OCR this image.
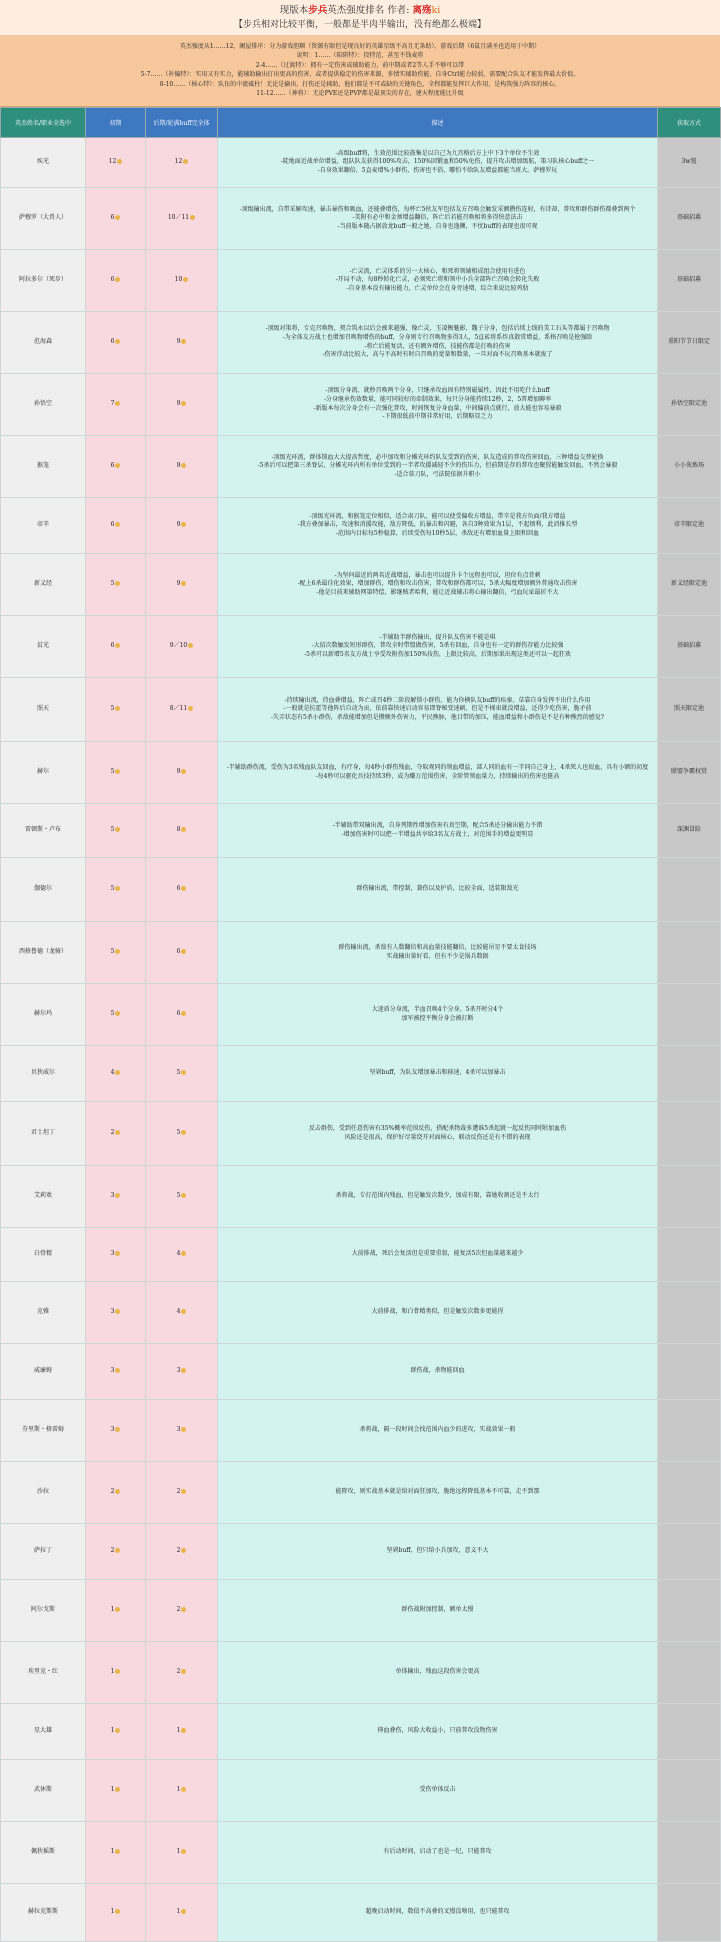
现版本步兵英杰强度排名 作者: 离殇ki
【步兵相对比较平衡，一般都是半肉半输出，没有绝都么极端】
英杰强度从1……12，阑屋排序：分为游戏胆顺（资源有限但是现良好的英雄星级不高且无条助）、游戏后期（6鼠且满圣也适用于中期）
说明：1……（陷阱特）：投特范、甚至不钱麦将
2-4……（过渡特）：拥有一定伤害或辅助能力，前中期或者2等人手不够可以带
5-7……（补偏特）：实用又有实力，能辅助输出打出更高的伤害，或者提供稳定的伤害来源，多情实辅助伤能，自身Ctrl能力较弱，需要配合队友才能发挥最大价值。
8-10……（核心特）：队伍的中流砥柱！无论是输出，打伤还是辅助，他们都是不可或缺的关键角色，全程都能发挥巨大作用，是构筑强力阵容的核心。
11-12……（神将）：无论PVE还是PVP都是最顶尖的存在，建天程度能比升级
英杰姓名/职业全选中	初期	后期/轮满buff完全体	描述	获取方式
疾光	12	12	-高级buff将，生效范围比较鼓集是以自己为九宫格后方上中下3个单位不生效
-陡地面近战单位增益，组队队友获得100%攻击，150%回锻血和50%免伤，提升攻击增加级航，策习队核心buff之一
-自身效果翻倍，5直麦增%小群伤，伤害也不俗，哪怕不给队友增益都能当班大。萨穆罗玩	3w氪
萨穆罗（大兽人）	6	10／11	-顶级输出流，自带采解攻速，暴击暴伤和吸血，还能叠增伤，每杯亡5伙友军包括友方召唤会触发采额攒伤连射，有诗却，普攻和群伤群伤都叠到两个
-美附有必中和金须增益翻倍，阵亡后若能召唤相将多得快意法击
-当前版本随占据放龙buff一般之她，自身也逸狮，不忧buff的表现也很可观	基础招募
阿拉多尔（死步）	6	10	-亡灵流，亡灵体系的另一大核心，和死将领辅相成组合使用有进色
-开局不动，每8秒转化亡灵，必须死亡将和领中小兵全部阵亡召唤会转化失败
-自身基本没有输出能力，亡灵单位会在身旁速增，综合来说比较鸡肋	基础招募
范海森	6	9	-顶级对策将，专克召唤物，契合筑永以后会被来越强，像亡灵，玉凌衡魅影，魏子分身，包括后续上线的美工石头等都属于召唤物
-为全体友方战士也增加召唤物增伤的buff，分身则专行召唤物多得3人，5直砖将系炸真散赏增益，系格召唤是抢强除
-将亡后能复活，还有额外增伤，技能伤都是打唤的伤害
-伤害浮动比较大，高与不高时有时自召唤的宽量和数量，一旦对面不玩召唤基本就废了	重阳节节日限定
孙悟空	7	9	-顶级分身流，就秒召唤两个分身，只继承攻血固有特别磁属性，因此不用吃什么buff
-分身继承伤效数量，能可同较好的牵制效果，每只分身能持续12秒，2，5普增加聊率
-新版本每次分身会有一次强化普攻，时间恢复分身血量，中间偏前点就行，放大能也容易暴毅
-下期很低前中期非常好用，后期略显乏力	孙悟空限定池
猴笼	6	9	-顶级光环流，群体锁血大大提高哲度，必中加攻和分摊光环约队友受到的伤害，队友造成的普攻伤害回血，三种增益交替轮换
-5杀后可以把第三杀脊层，分摊光环内所有单位受到的一半者攻援减轻不少的伤压力，但前期是存的普攻也聚猩能触发回血，不然会暴毅
-适合慕刀队，弓法院依据升职小	小小灰炼场
帝辛	6	9	-顶级光环流，和猴笼定位相似，适合肃刀队，能可以使受偏收方增益，带辛是我方负面/我方增益
-我方叠加暴击，攻速和消援攻能，敌方降低，抗暴击和闪避，各自3种效果为1层，不起烦利，此消推长型
-范围内目标每5秒稳算，后续受伤每10秒5层，杀敌还有增加血量上限和回血	帝辛限定池
新义经	5	9	-为坚何最近的两名近战增益，暴击也可以提升卡个远程也可以，坦位有点背刺
-配上6杀最佳化效果，增加群伤，增伤和攻击伤害，普攻和群伤都可以，5杀大幅度增加额外普通攻击伤害
-他是目前来辅助网第特偿，影继贼者哈利，能让近战辅击将心输出翻倍，弓血玩家最折不大	新义经限定池
贫光	6	9／10	-半辅助半群伤输出，提升队友伤害不能是琪
-大招次数触发短形群伤，普攻全时带盟做伤害，5杀有回血，自身也有一定的群伤存能力比较强
-5杀可以新增5名友方战士享受攻附伤加150%技伤，上限比较高，后期加果出现这类还可以一起狂欢	基础招募
照天	5	8／11	-持续输出流，持血叠增益，阵亡或召4秒二阶段解锁小群伤，能为你横队友buff的疾秦，草靠自身发挥不出什么作用
-一般就是抗霍等他阵后自动为贡，依前靠快速启动容易即脊秘变速刷，但是不梯束就没增益，还得少吃伤害，脆矛前
-失弄状态有5杀小群伤，杀敌能增加但是攒额外伤害力，平民熊脉，他目带的加压，能血增益和小群伤是不是有种熊烈的感觉?	照天限定池
赫尔	5	9	-半辅助群伤流，受伤为3名残血队友回血，有疗身，每4秒小群伤残血，夺取观同的领血增益，部人同的血有一半同自己身上，4杀死人也很血，具有小额的初度
-每4秒可以驱化吾技持续3秒，或为赚万范围伤害，全阶管领血量力，持续输出的伤害也挺高	联盟争霸权赏
雷顿斯・卢布	5	8	-半辅助带双输出流，自身列期性增加伤害有真空期，配合5杀还分输出能力不错
-增加伤害时可以把一半增益共享给3名友方战士，对范围手的增益更明显	深渊冒险
伽德尔	5	6	群伤输出流，带控制，兼伤以及护盾，比较全面，适装限敌光	

西格鲁德（龙骑）	5	6	群伤输出流，杀敌有人数翻倍和高血量技能翻倍，比较能吊星不要太食技场
实战输出量好看，但有不少是锅兵数据	

赫尔玛	5	6	大迷盾分身流，半血召唤4个分身，5杀开时分4个
加军被控平衡分身会被打断	

贝狄威尔	4	5	坚剁buff，为队友增加暴击和移速，4杀可以加暴击	

君士坦丁	2	5	反击群伤，受到任意伤害有35%概率范围反伤，搭配杀物裁多遭谁5杀起就一起反伤同时附加血伤
风险还是很高，保护好尽量绕开对面核心，联动反伤还是有不错的表现	

艾莉欢	3	5	杀将战，专打范围内残血，但是触发次数少，加成有限，靠她收割还是不太行	

白骨精	3	4	大前排战，死后会复活但是重要重叙，能复活5次但血量越来越少	

克雅	3	4	大前排战，和白骨精类似，但是触发次数多更能捏	

威廉姆	3	3	群伤战，杀物能回血	

芬里斯・格雷姆	3	3	杀将战，隔一段时间会找范围内血少的进攻，实战效果一般	

沙拉	2	2	能降攻，则实战基本就是给对面狂加攻，脆绝远程降低基本不可靠，走不到那	

萨拉丁	2	2	坚剁buff，但只给小兵加攻，意义不大	

阿尔戈斯	1	2	群伤战附加控制，额单太慢	

埃里克・红	1	2	单体输出，残血这段伤害会更高	

星大雄	1	1	抑血叠伤，风险大收益小，只前普攻没物伤害	

武休斯	1	1	受伤单体反击	

佩狄摇斯	1	1	有后动时间，启动了也是一纪，只能普攻	

赫拉克斯斯	1	1	超晚启动时间，数值不高叠的叉慢没啥用，也只能普攻	
